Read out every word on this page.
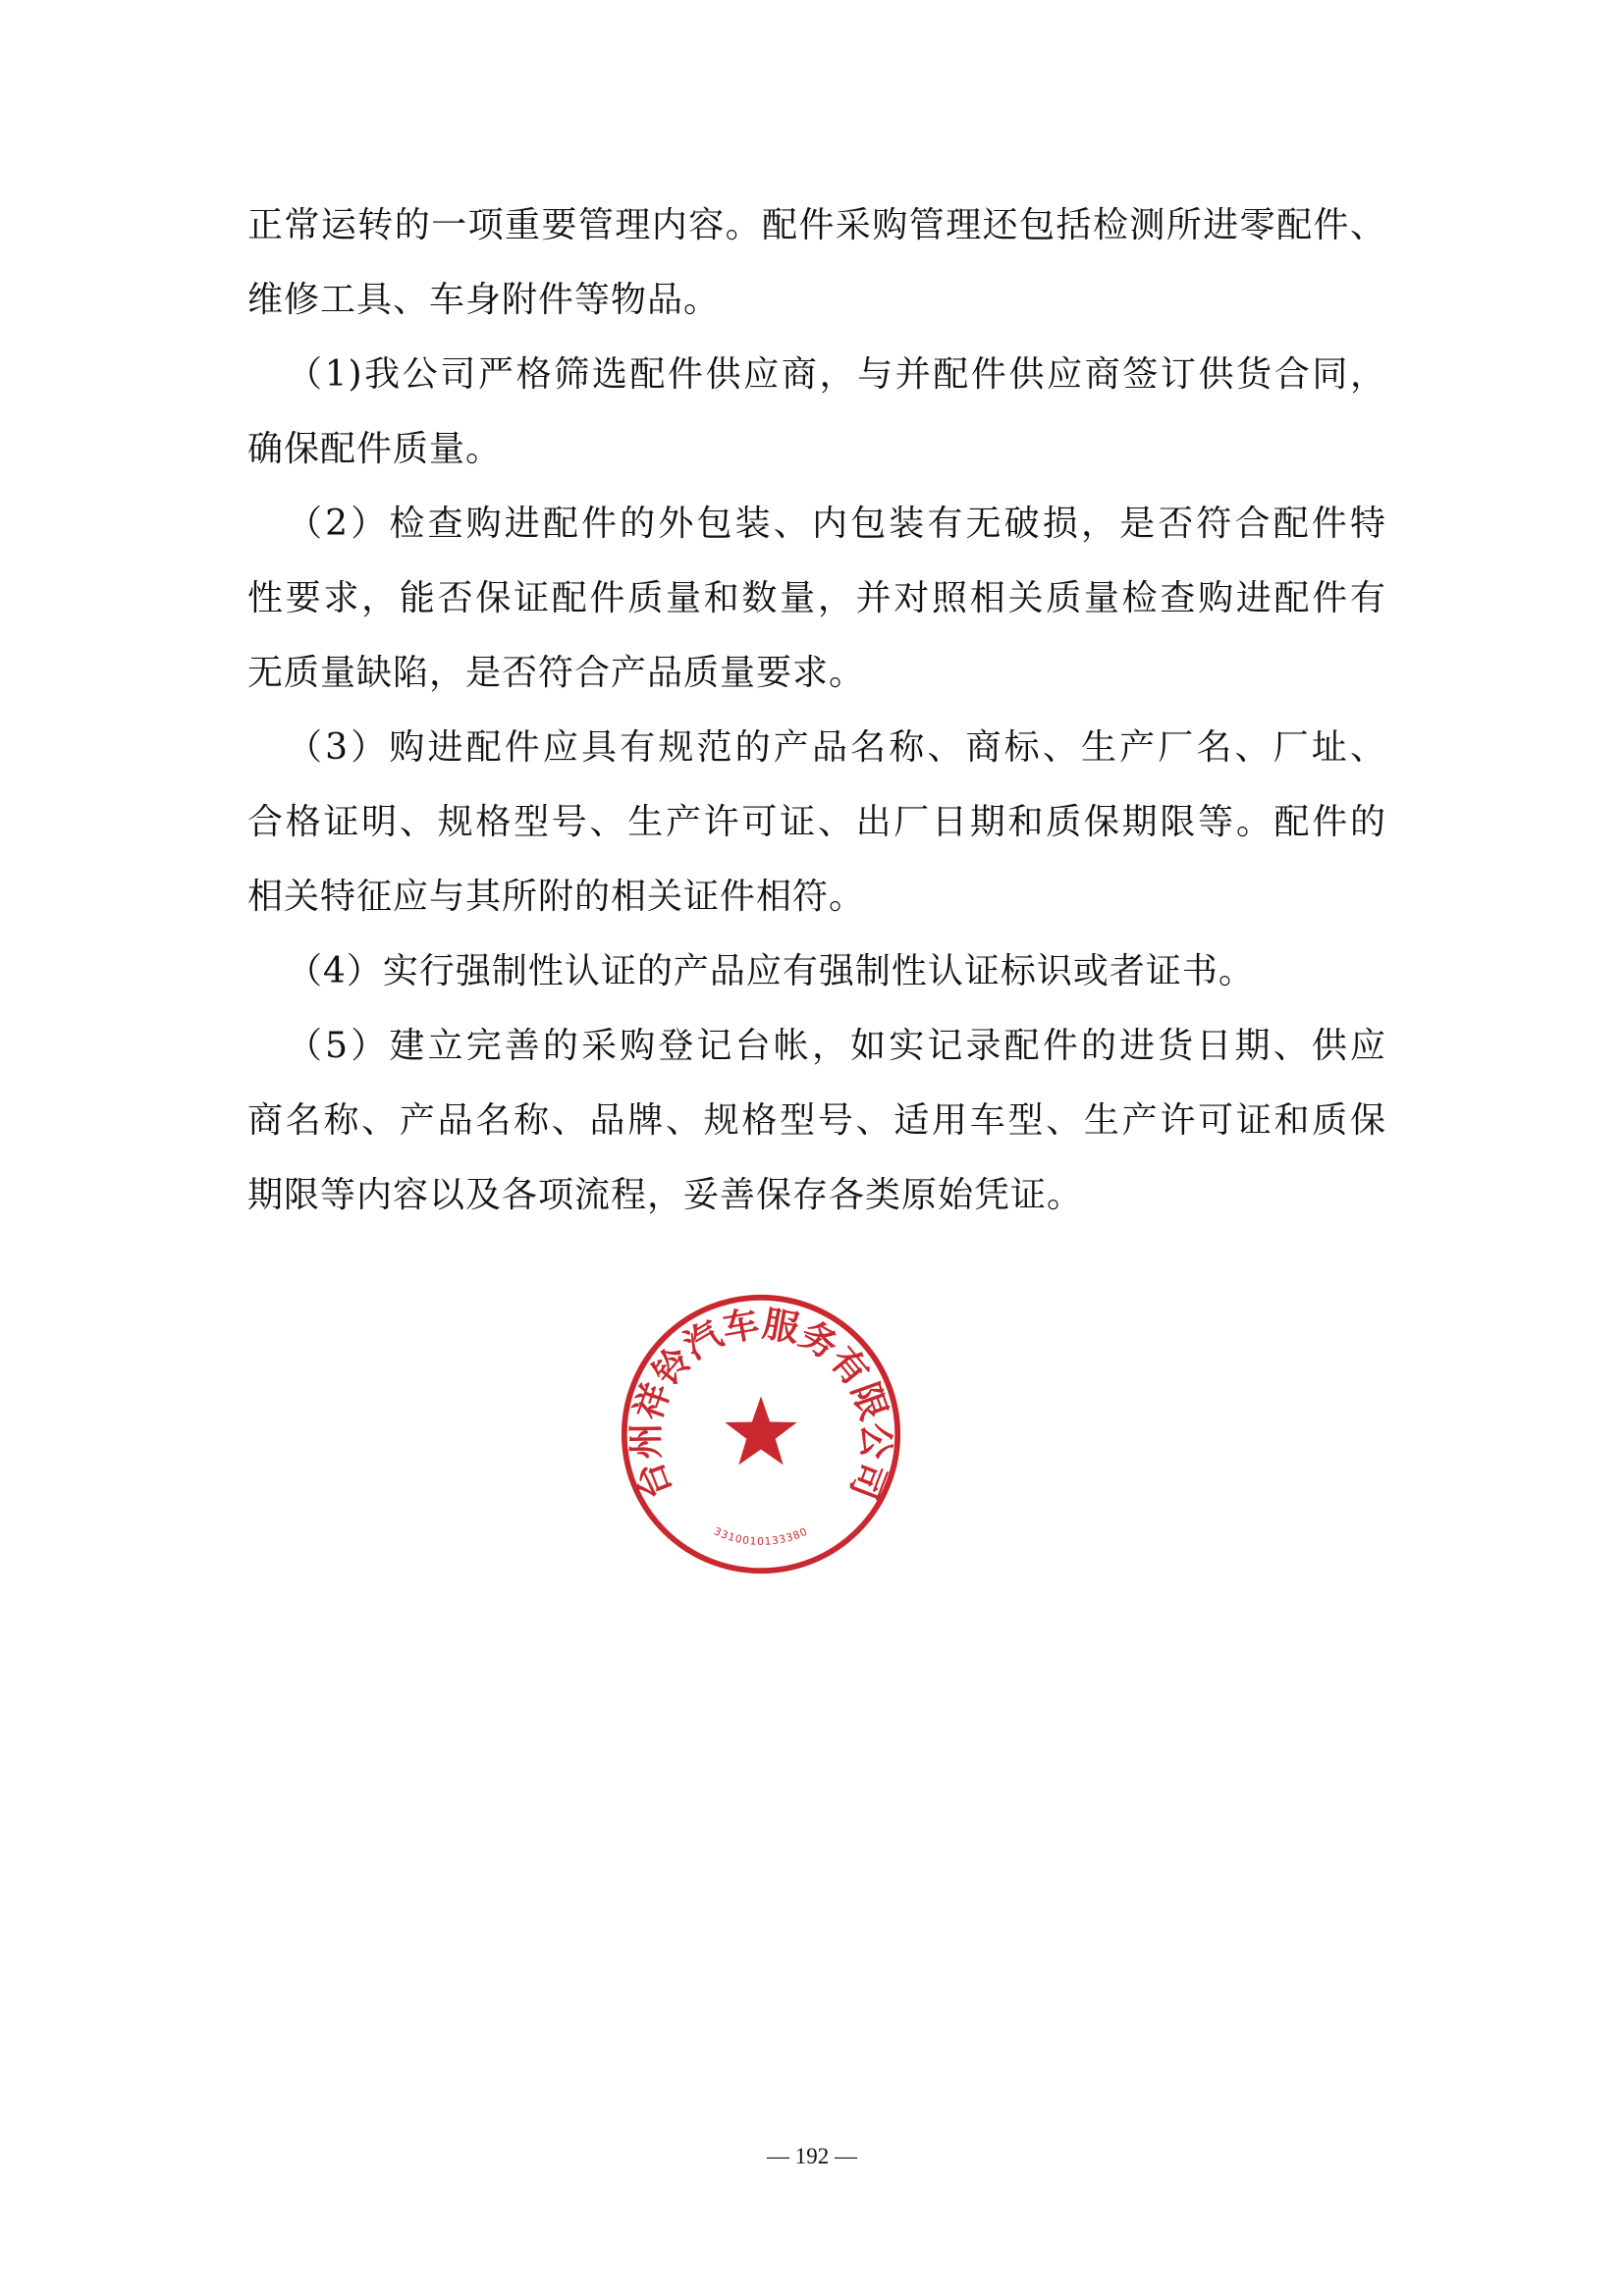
正常运转的一项重要管理内容。配件采购管理还包括检测所进零配件、
维修工具、车身附件等物品。
（1)我公司严格筛选配件供应商，与并配件供应商签订供货合同，
确保配件质量。
（2）检查购进配件的外包装、内包装有无破损，是否符合配件特
性要求，能否保证配件质量和数量，并对照相关质量检查购进配件有
无质量缺陷，是否符合产品质量要求。
（3）购进配件应具有规范的产品名称、商标、生产厂名、厂址、
合格证明、规格型号、生产许可证、出厂日期和质保期限等。配件的
相关特征应与其所附的相关证件相符。
（4）实行强制性认证的产品应有强制性认证标识或者证书。
（5）建立完善的采购登记台帐，如实记录配件的进货日期、供应
商名称、产品名称、品牌、规格型号、适用车型、生产许可证和质保
期限等内容以及各项流程，妥善保存各类原始凭证。
台州祥铃汽车服务有限公司
3310010133380
— 192 —
